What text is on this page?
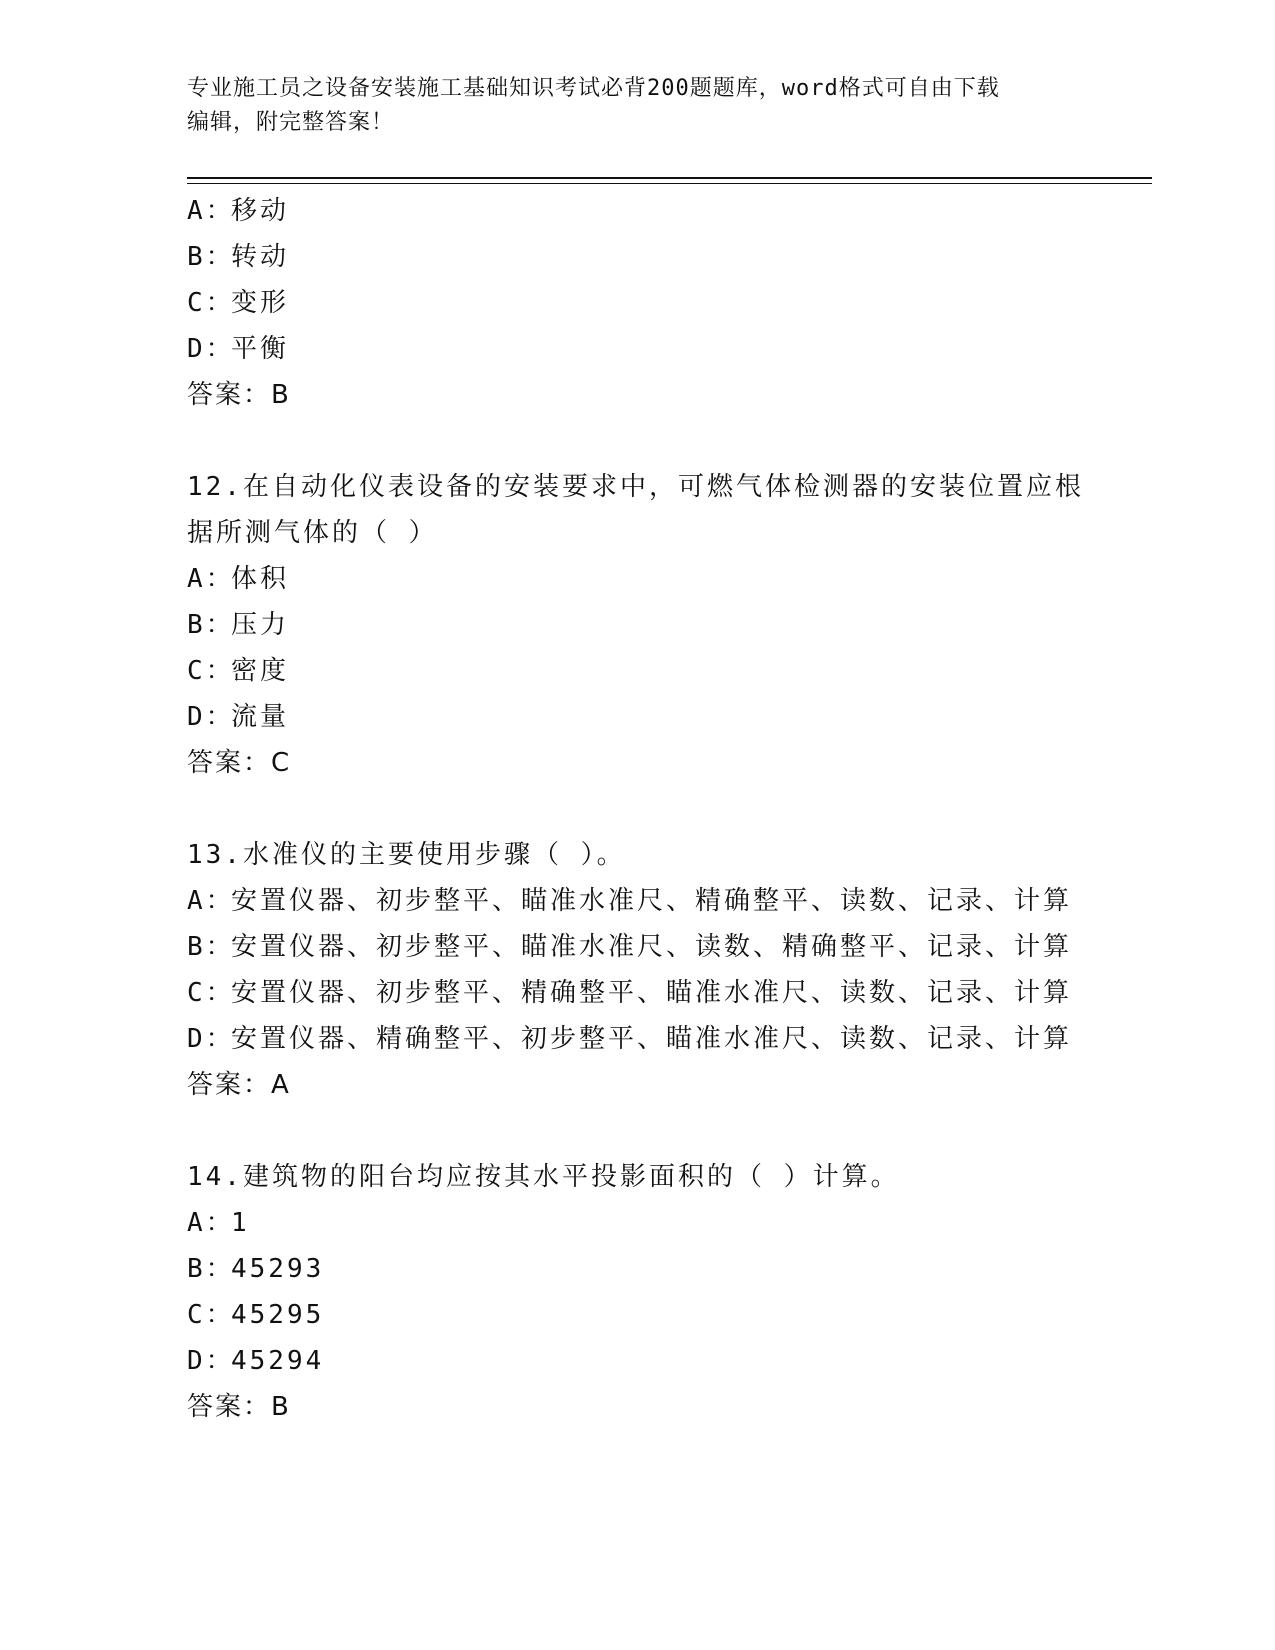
专业施工员之设备安装施工基础知识考试必背200题题库，word格式可自由下载
编辑，附完整答案！
A：移动
B：转动
C：变形
D：平衡
答案：B
12.在自动化仪表设备的安装要求中，可燃气体检测器的安装位置应根
据所测气体的（ ）
A：体积
B：压力
C：密度
D：流量
答案：C
13.水准仪的主要使用步骤（ ）。
A：安置仪器、初步整平、瞄准水准尺、精确整平、读数、记录、计算
B：安置仪器、初步整平、瞄准水准尺、读数、精确整平、记录、计算
C：安置仪器、初步整平、精确整平、瞄准水准尺、读数、记录、计算
D：安置仪器、精确整平、初步整平、瞄准水准尺、读数、记录、计算
答案：A
14.建筑物的阳台均应按其水平投影面积的（ ）计算。
A：1
B：45293
C：45295
D：45294
答案：B
